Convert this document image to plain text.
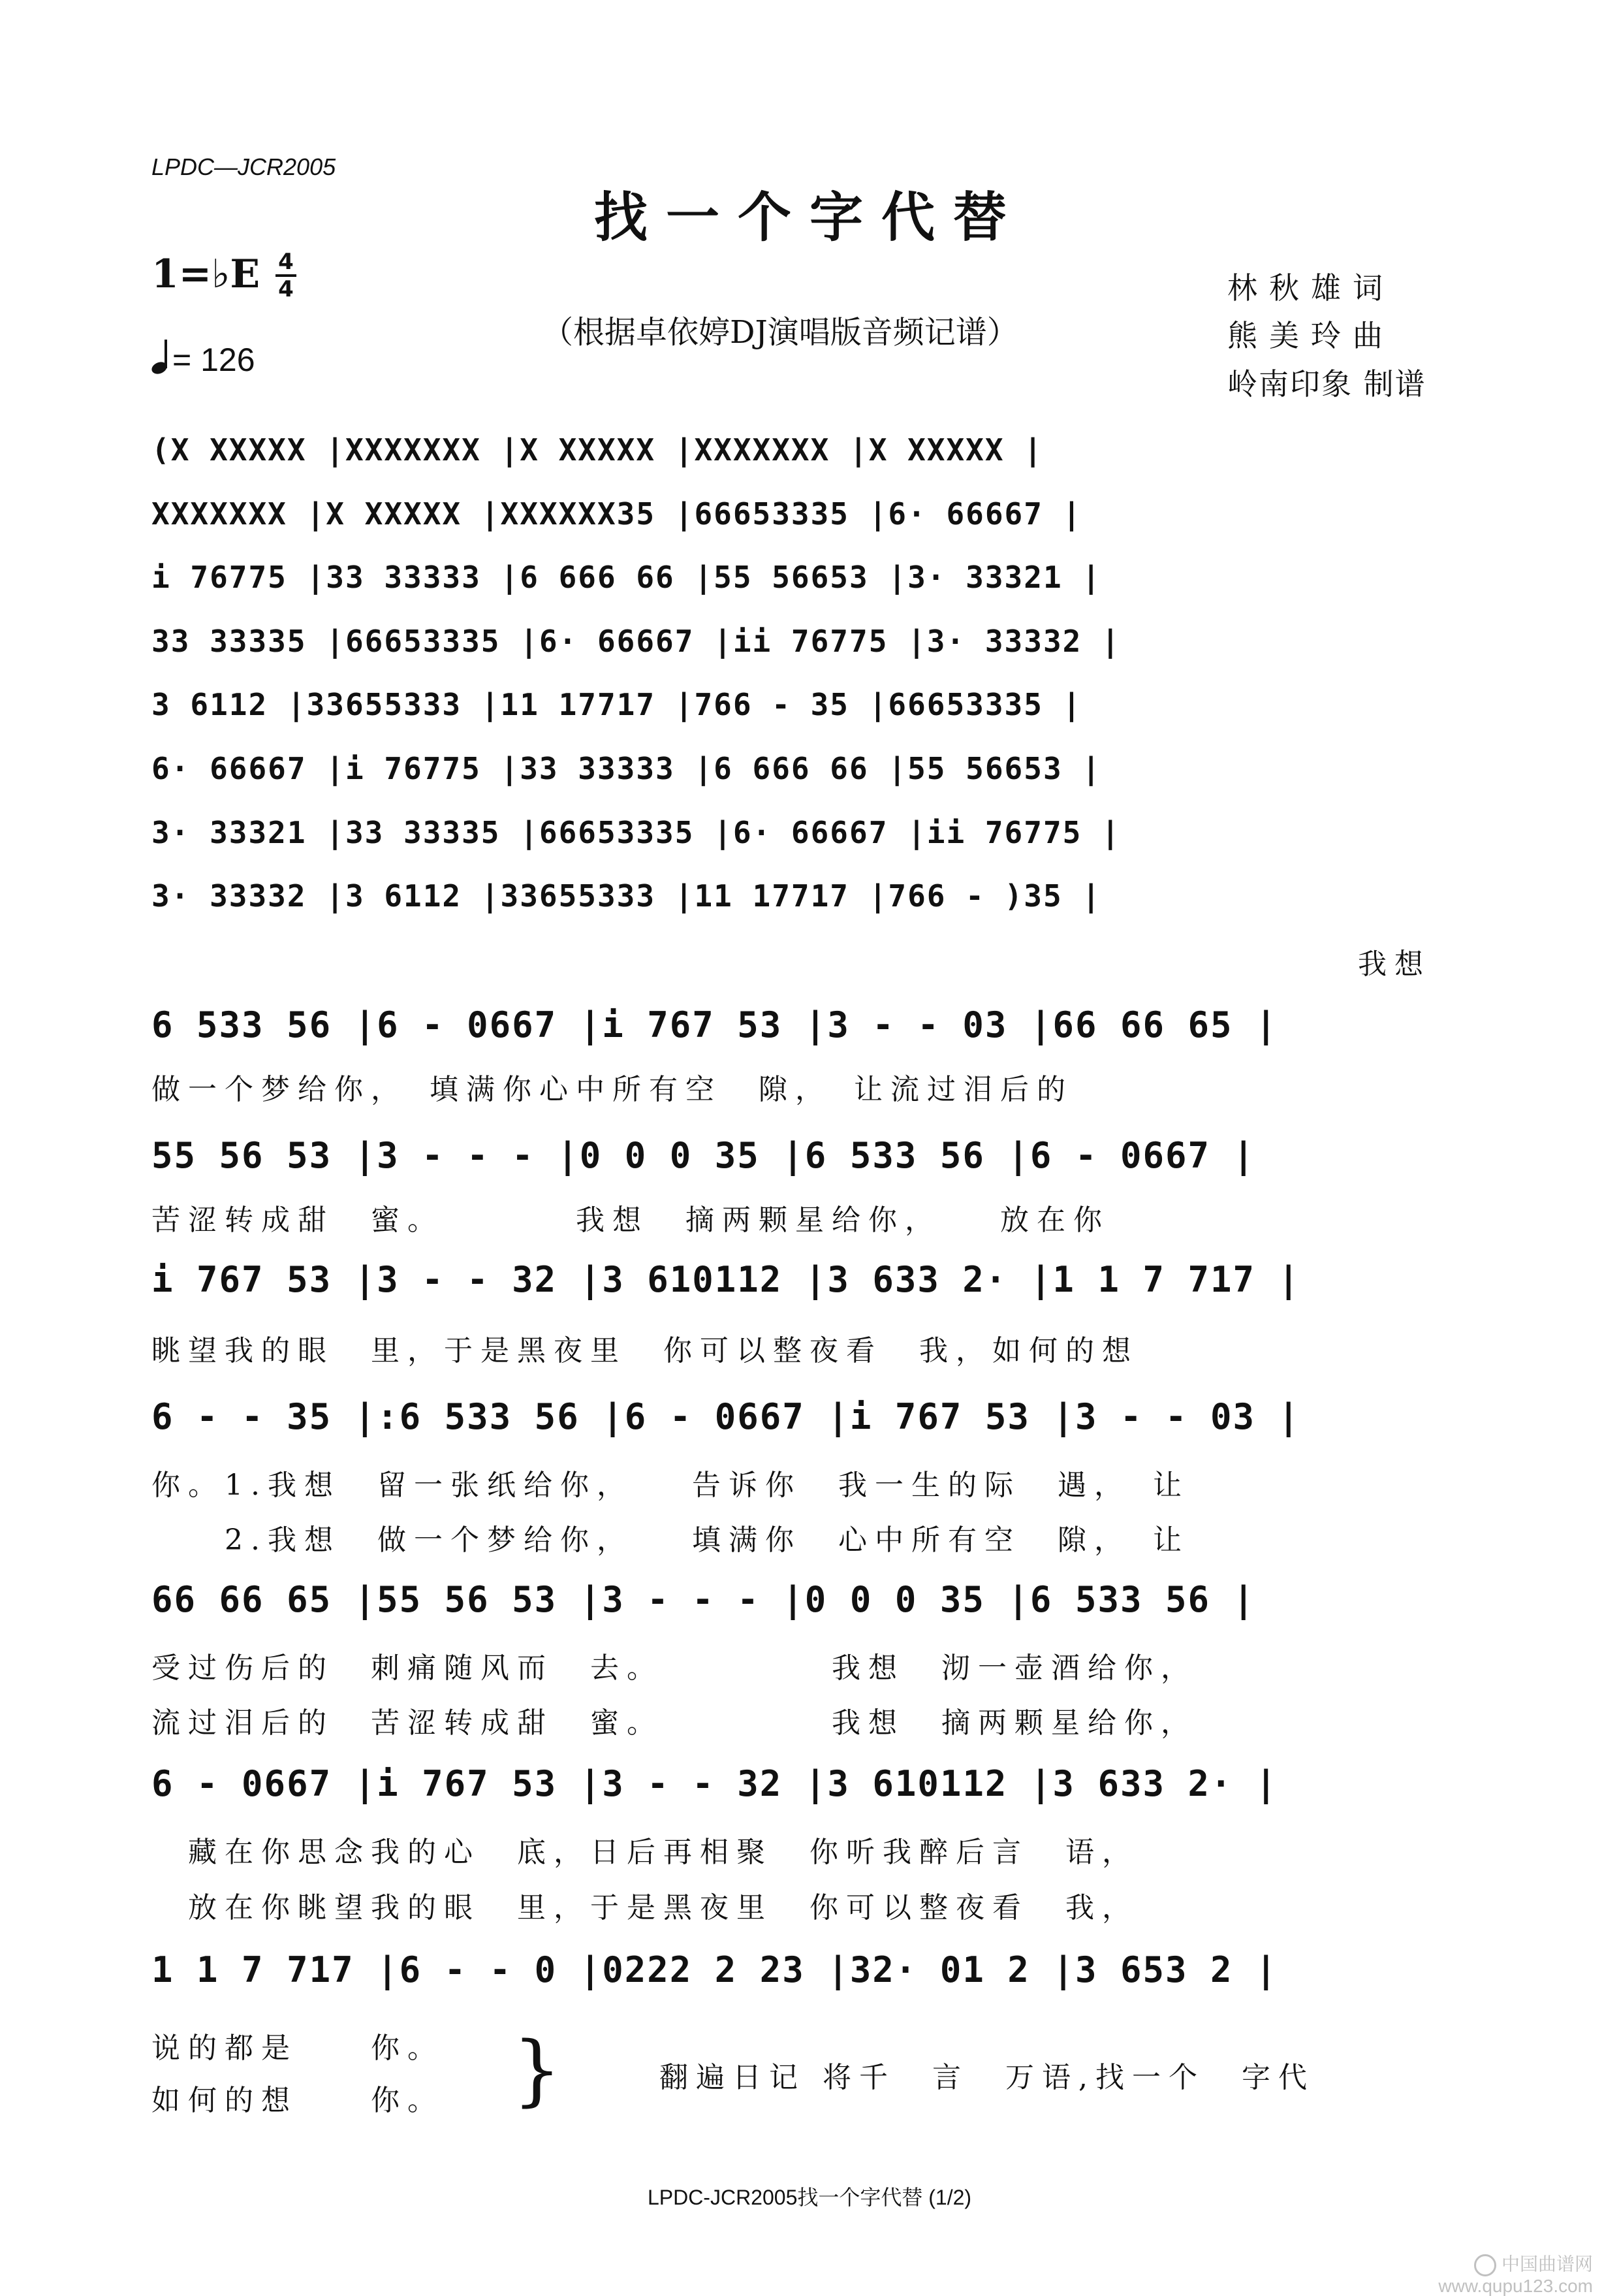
LPDC—JCR2005
找一个字代替
1=♭E 4
4
= 126
（根据卓依婷DJ演唱版音频记谱）
林秋雄词
熊美玲曲
岭南印象 制谱
(X XXXXX |XXXXXXX |X XXXXX |XXXXXXX |X XXXXX |
XXXXXXX |X XXXXX |XXXXXX35 |66653335 |6· 66667 |
i 76775 |33 33333 |6 666 66 |55 56653 |3· 33321 |
33 33335 |66653335 |6· 66667 |ii 76775 |3· 33332 |
3 6112 |33655333 |11 17717 |766 - 35 |66653335 |
6· 66667 |i 76775 |33 33333 |6 666 66 |55 56653 |
3· 33321 |33 33335 |66653335 |6· 66667 |ii 76775 |
3· 33332 |3 6112 |33655333 |11 17717 |766 - )35 |
我想
6 533 56 |6 - 0667 |i 767 53 |3 - - 03 |66 66 65 |
做一个梦给你，　填满你心中所有空　隙，　让流过泪后的
55 56 53 |3 - - - |0 0 0 35 |6 533 56 |6 - 0667 |
苦涩转成甜　蜜。　　　　我想　摘两颗星给你，　　放在你
i 767 53 |3 - - 32 |3 610112 |3 633 2· |1 1 7 717 |
眺望我的眼　里，于是黑夜里　你可以整夜看　我，如何的想
6 - - 35 |:6 533 56 |6 - 0667 |i 767 53 |3 - - 03 |
你。1.我想　留一张纸给你，　　告诉你　我一生的际　遇，　让
　　2.我想　做一个梦给你，　　填满你　心中所有空　隙，　让
66 66 65 |55 56 53 |3 - - - |0 0 0 35 |6 533 56 |
受过伤后的　刺痛随风而　去。　　　　　我想　沏一壶酒给你，
流过泪后的　苦涩转成甜　蜜。　　　　　我想　摘两颗星给你，
6 - 0667 |i 767 53 |3 - - 32 |3 610112 |3 633 2· |
　藏在你思念我的心　底，日后再相聚　你听我醉后言　语，
　放在你眺望我的眼　里，于是黑夜里　你可以整夜看　我，
1 1 7 717 |6 - - 0 |0222 2 23 |32· 01 2 |3 653 2 |
说的都是　　你。
如何的想　　你。 }	翻遍日记 将千　言　万语,找一个　字代
LPDC-JCR2005找一个字代替 (1/2)
中国曲谱网
www.qupu123.com
